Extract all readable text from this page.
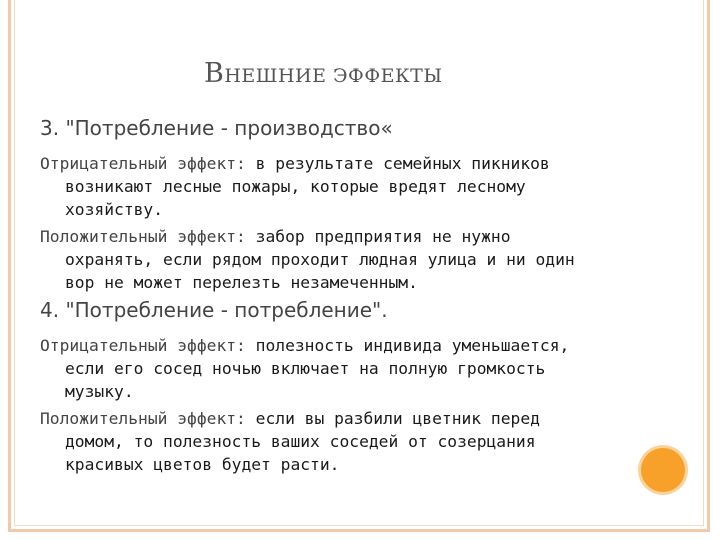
ВНЕШНИЕ ЭФФЕКТЫ
3. "Потребление - производство«

Отрицательный эффект: в результате семейных пикников возникают лесные пожары, которые вредят лесному хозяйству.

Положительный эффект: забор предприятия не нужно охранять, если рядом проходит людная улица и ни один вор не может перелезть незамеченным.

4. "Потребление - потребление".

Отрицательный эффект: полезность индивида уменьшается, если его сосед ночью включает на полную громкость музыку.

Положительный эффект: если вы разбили цветник перед домом, то полезность ваших соседей от созерцания красивых цветов будет расти.
